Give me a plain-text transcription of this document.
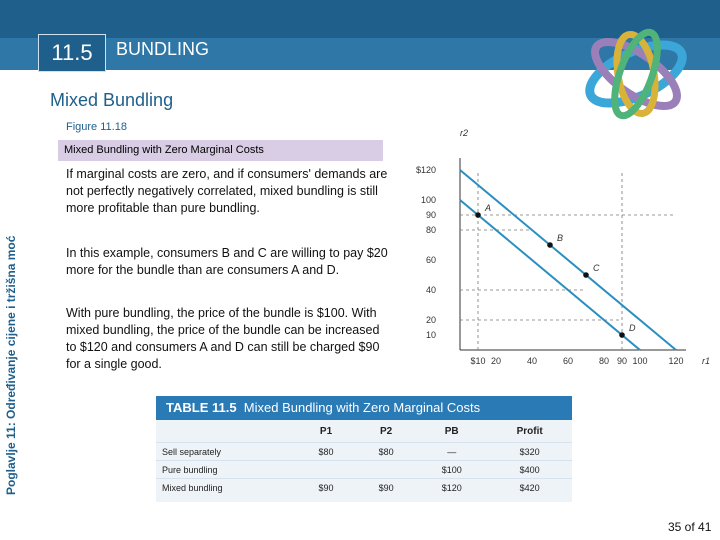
11.5	BUNDLING
Mixed Bundling
Poglavlje 11: Određivanje cijene i tržišna moć
Figure 11.18
Mixed Bundling with Zero Marginal Costs
If marginal costs are zero, and if consumers' demands are not perfectly negatively correlated, mixed bundling is still more profitable than pure bundling.
In this example, consumers B and C are willing to pay $20 more for the bundle than are consumers A and D.
With pure bundling, the price of the bundle is $100. With mixed bundling, the price of the bundle can be increased to $120 and consumers A and D can still be charged $90 for a single good.	$10 20	40	60	80 90 100 120
$120
100
90
80
60
40
20
10
r1
r2
A
B
C
D
TABLE 11.5 Mixed Bundling with Zero Marginal Costs
	P1	P2	PB	Profit
Sell separately	$80	$80	—	$320
Pure bundling			$100	$400
Mixed bundling	$90	$90	$120	$420
35 of 41
